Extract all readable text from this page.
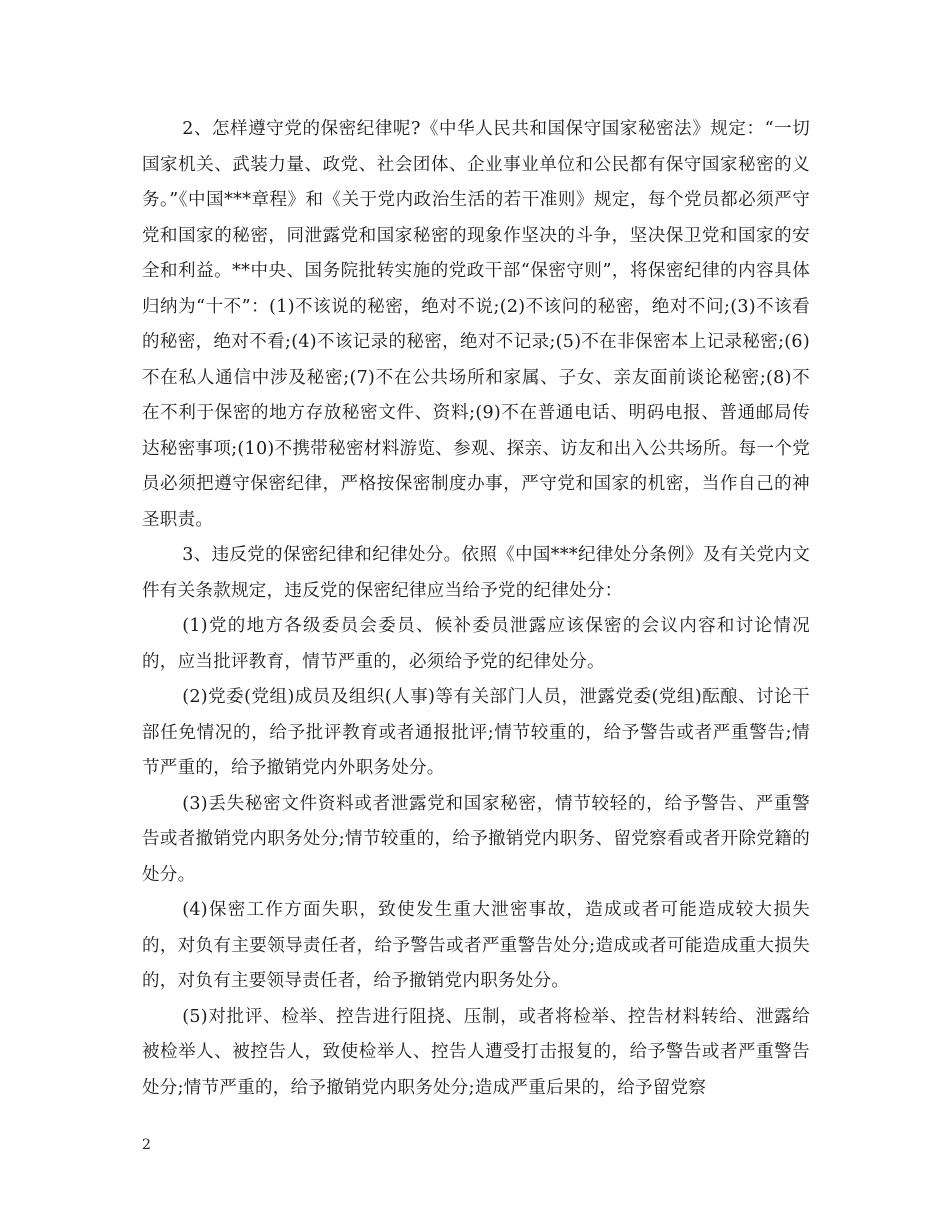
2、怎样遵守党的保密纪律呢?《中华人民共和国保守国家秘密法》规定：“一切国家机关、武装力量、政党、社会团体、企业事业单位和公民都有保守国家秘密的义务。”《中国***章程》和《关于党内政治生活的若干准则》规定，每个党员都必须严守党和国家的秘密，同泄露党和国家秘密的现象作坚决的斗争，坚决保卫党和国家的安全和利益。**中央、国务院批转实施的党政干部“保密守则”，将保密纪律的内容具体归纳为“十不”：(1)不该说的秘密，绝对不说;(2)不该问的秘密，绝对不问;(3)不该看的秘密，绝对不看;(4)不该记录的秘密，绝对不记录;(5)不在非保密本上记录秘密;(6)不在私人通信中涉及秘密;(7)不在公共场所和家属、子女、亲友面前谈论秘密;(8)不在不利于保密的地方存放秘密文件、资料;(9)不在普通电话、明码电报、普通邮局传达秘密事项;(10)不携带秘密材料游览、参观、探亲、访友和出入公共场所。每一个党员必须把遵守保密纪律，严格按保密制度办事，严守党和国家的机密，当作自己的神圣职责。

3、违反党的保密纪律和纪律处分。依照《中国***纪律处分条例》及有关党内文件有关条款规定，违反党的保密纪律应当给予党的纪律处分：

(1)党的地方各级委员会委员、候补委员泄露应该保密的会议内容和讨论情况的，应当批评教育，情节严重的，必须给予党的纪律处分。

(2)党委(党组)成员及组织(人事)等有关部门人员，泄露党委(党组)酝酿、讨论干部任免情况的，给予批评教育或者通报批评;情节较重的，给予警告或者严重警告;情节严重的，给予撤销党内外职务处分。

(3)丢失秘密文件资料或者泄露党和国家秘密，情节较轻的，给予警告、严重警告或者撤销党内职务处分;情节较重的，给予撤销党内职务、留党察看或者开除党籍的处分。

(4)保密工作方面失职，致使发生重大泄密事故，造成或者可能造成较大损失的，对负有主要领导责任者，给予警告或者严重警告处分;造成或者可能造成重大损失的，对负有主要领导责任者，给予撤销党内职务处分。

(5)对批评、检举、控告进行阻挠、压制，或者将检举、控告材料转给、泄露给被检举人、被控告人，致使检举人、控告人遭受打击报复的，给予警告或者严重警告处分;情节严重的，给予撤销党内职务处分;造成严重后果的，给予留党察

2
